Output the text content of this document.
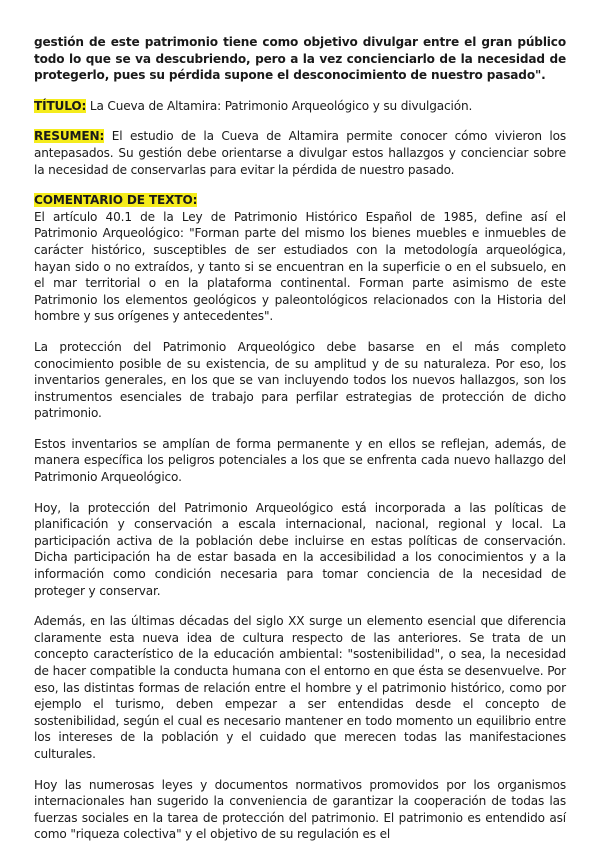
gestión de este patrimonio tiene como objetivo divulgar entre el gran público todo lo que se va descubriendo, pero a la vez concienciarlo de la necesidad de protegerlo, pues su pérdida supone el desconocimiento de nuestro pasado".

TÍTULO: La Cueva de Altamira: Patrimonio Arqueológico y su divulgación.

RESUMEN: El estudio de la Cueva de Altamira permite conocer cómo vivieron los antepasados. Su gestión debe orientarse a divulgar estos hallazgos y concienciar sobre la necesidad de conservarlas para evitar la pérdida de nuestro pasado.

COMENTARIO DE TEXTO:
El artículo 40.1 de la Ley de Patrimonio Histórico Español de 1985, define así el Patrimonio Arqueológico: "Forman parte del mismo los bienes muebles e inmuebles de carácter histórico, susceptibles de ser estudiados con la metodología arqueológica, hayan sido o no extraídos, y tanto si se encuentran en la superficie o en el subsuelo, en el mar territorial o en la plataforma continental. Forman parte asimismo de este Patrimonio los elementos geológicos y paleontológicos relacionados con la Historia del hombre y sus orígenes y antecedentes".

La protección del Patrimonio Arqueológico debe basarse en el más completo conocimiento posible de su existencia, de su amplitud y de su naturaleza. Por eso, los inventarios generales, en los que se van incluyendo todos los nuevos hallazgos, son los instrumentos esenciales de trabajo para perfilar estrategias de protección de dicho patrimonio.

Estos inventarios se amplían de forma permanente y en ellos se reflejan, además, de manera específica los peligros potenciales a los que se enfrenta cada nuevo hallazgo del Patrimonio Arqueológico.

Hoy, la protección del Patrimonio Arqueológico está incorporada a las políticas de planificación y conservación a escala internacional, nacional, regional y local. La participación activa de la población debe incluirse en estas políticas de conservación. Dicha participación ha de estar basada en la accesibilidad a los conocimientos y a la información como condición necesaria para tomar conciencia de la necesidad de proteger y conservar.

Además, en las últimas décadas del siglo XX surge un elemento esencial que diferencia claramente esta nueva idea de cultura respecto de las anteriores. Se trata de un concepto característico de la educación ambiental: "sostenibilidad", o sea, la necesidad de hacer compatible la conducta humana con el entorno en que ésta se desenvuelve. Por eso, las distintas formas de relación entre el hombre y el patrimonio histórico, como por ejemplo el turismo, deben empezar a ser entendidas desde el concepto de sostenibilidad, según el cual es necesario mantener en todo momento un equilibrio entre los intereses de la población y el cuidado que merecen todas las manifestaciones culturales.

Hoy las numerosas leyes y documentos normativos promovidos por los organismos internacionales han sugerido la conveniencia de garantizar la cooperación de todas las fuerzas sociales en la tarea de protección del patrimonio. El patrimonio es entendido así como "riqueza colectiva" y el objetivo de su regulación es el
